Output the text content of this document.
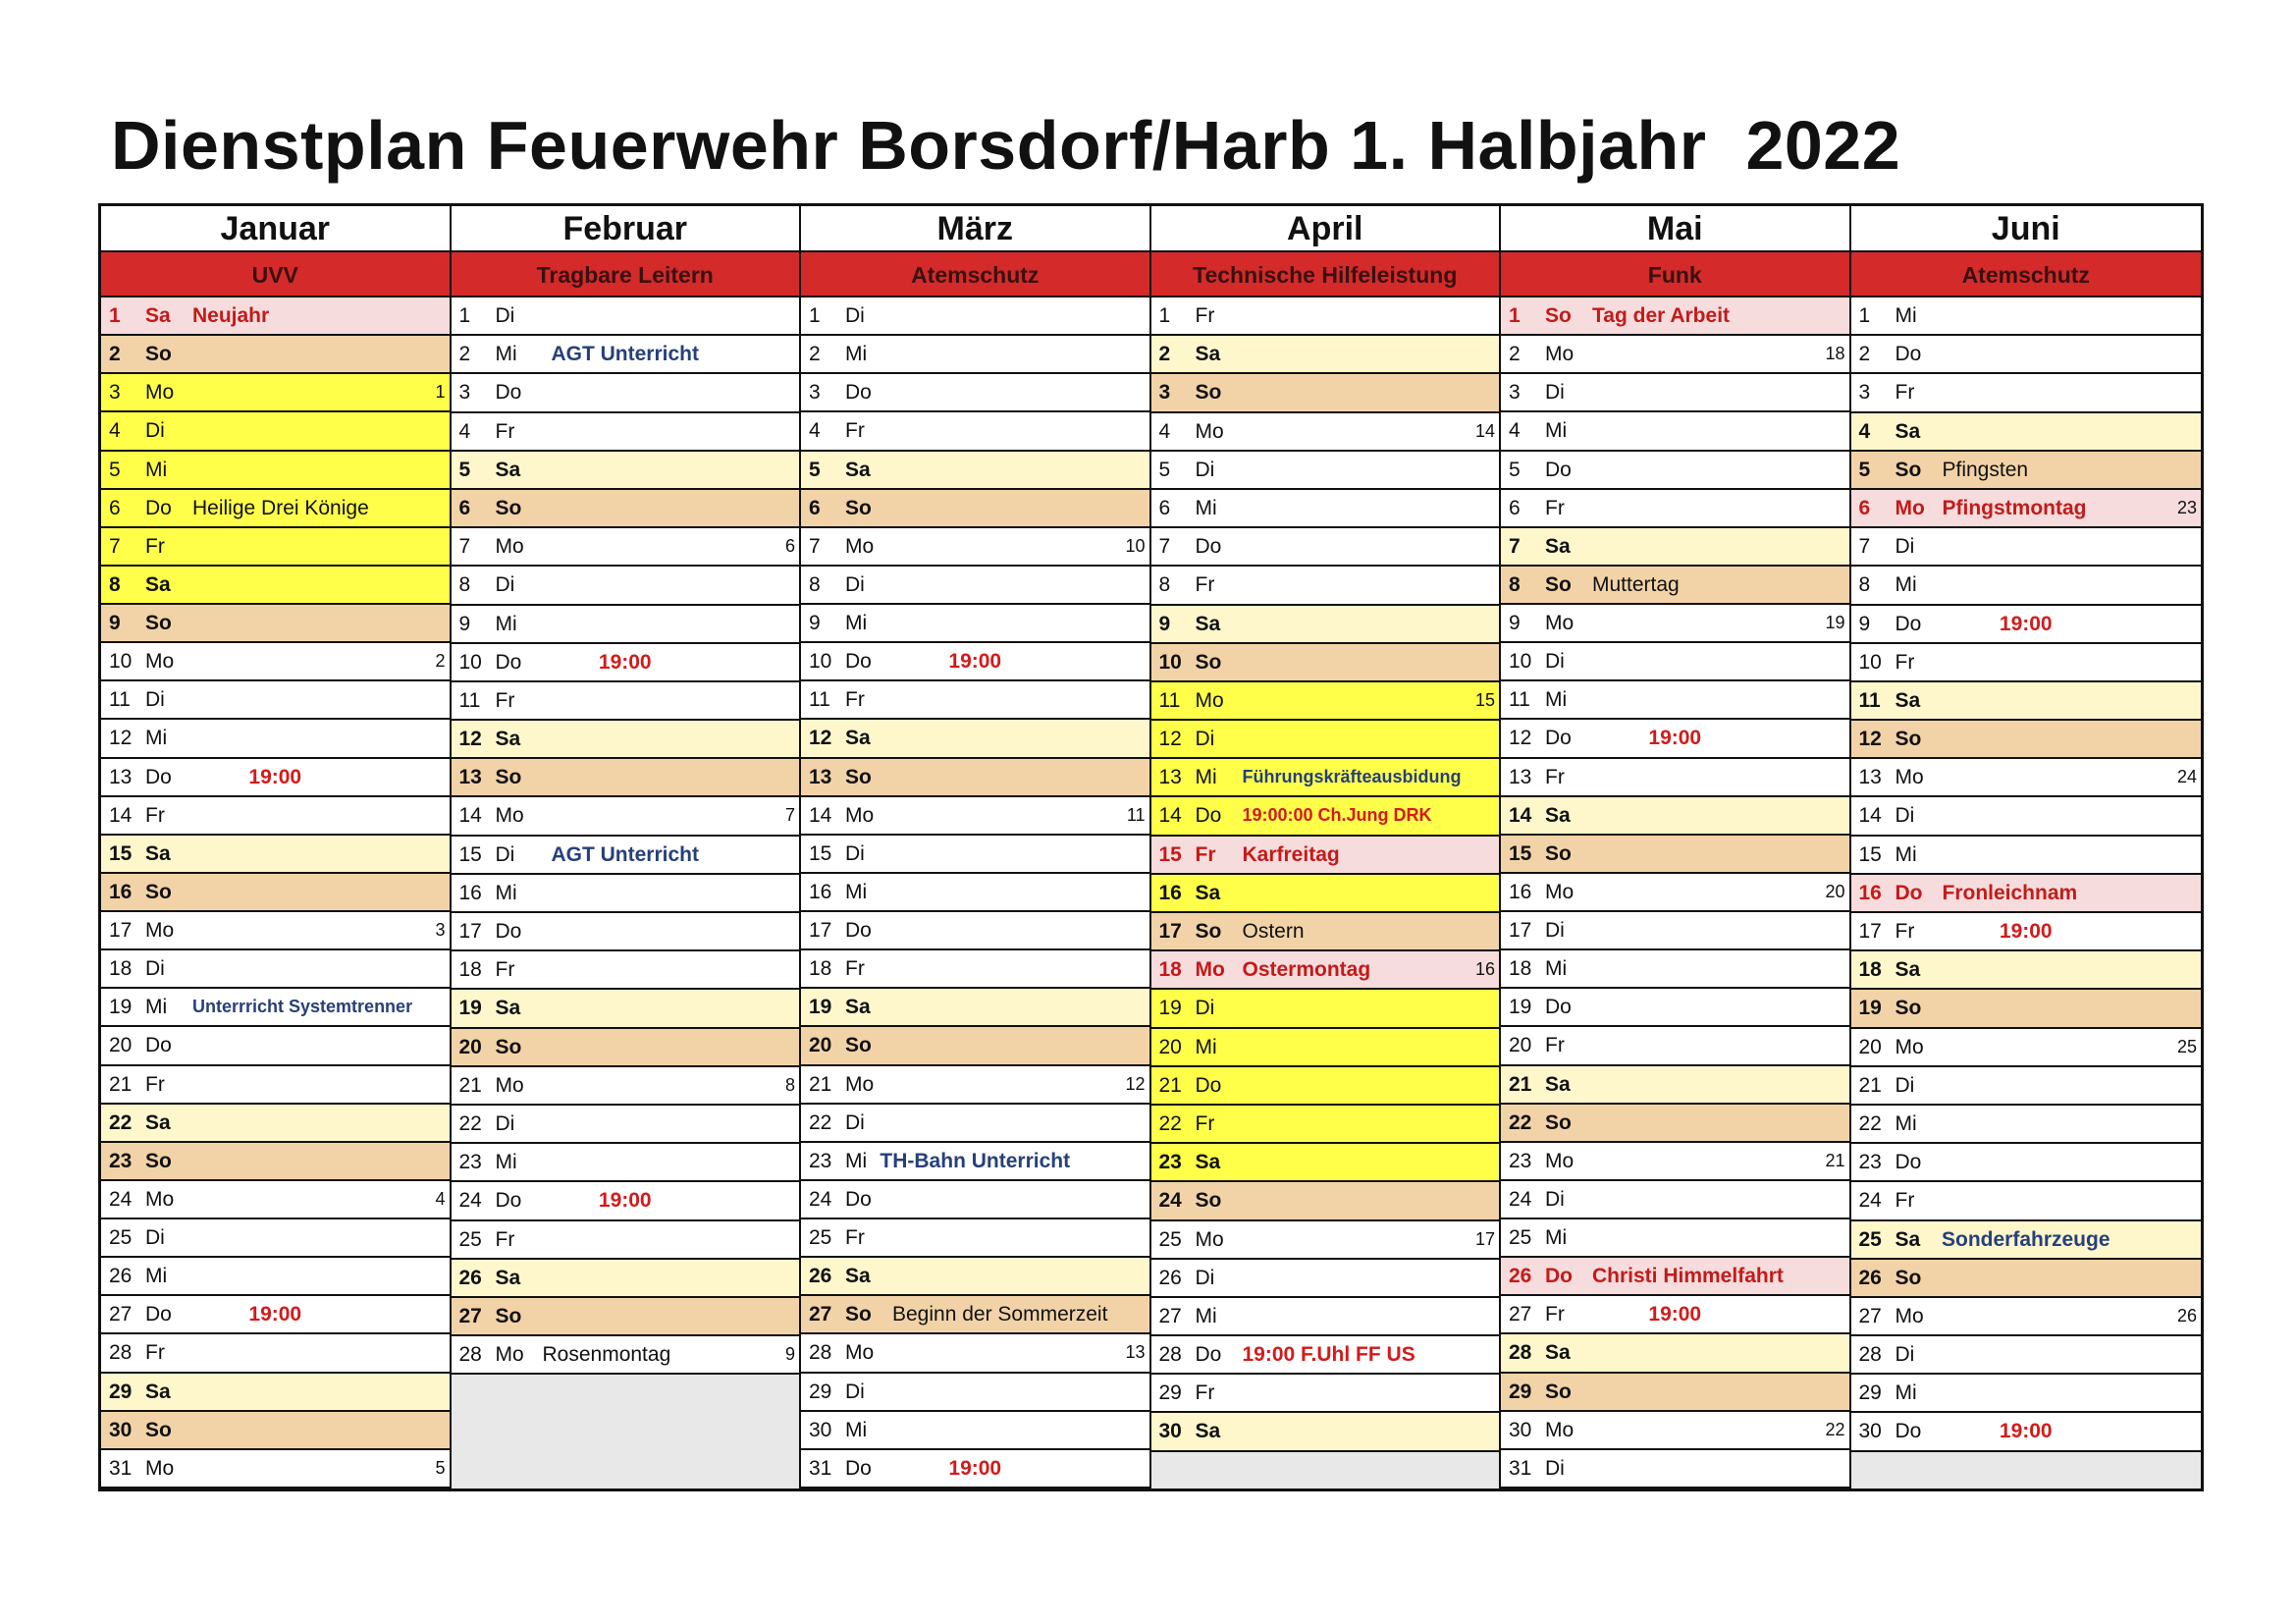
Dienstplan Feuerwehr Borsdorf/Harb 1. Halbjahr  2022
Januar
UVV
1 Sa Neujahr
2 So
3 Mo	1
4 Di
5 Mi
6 Do Heilige Drei Könige
7 Fr
8 Sa
9 So
10 Mo	2
11 Di
12 Mi
13 Do	19:00
14 Fr
15 Sa
16 So
17 Mo	3
18 Di
19 Mi Unterrricht Systemtrenner
20 Do
21 Fr
22 Sa
23 So
24 Mo	4
25 Di
26 Mi
27 Do	19:00
28 Fr
29 Sa
30 So
31 Mo	5
Februar
Tragbare Leitern
1 Di
2 Mi	AGT Unterricht
3 Do
4 Fr
5 Sa
6 So
7 Mo	6
8 Di
9 Mi
10 Do	19:00
11 Fr
12 Sa
13 So
14 Mo	7
15 Di	AGT Unterricht
16 Mi
17 Do
18 Fr
19 Sa
20 So
21 Mo	8
22 Di
23 Mi
24 Do	19:00
25 Fr
26 Sa
27 So
28 Mo Rosenmontag	9
März
Atemschutz
1 Di
2 Mi
3 Do
4 Fr
5 Sa
6 So
7 Mo	10
8 Di
9 Mi
10 Do	19:00
11 Fr
12 Sa
13 So
14 Mo	11
15 Di
16 Mi
17 Do
18 Fr
19 Sa
20 So
21 Mo	12
22 Di
23 Mi TH-Bahn Unterricht
24 Do
25 Fr
26 Sa
27 So Beginn der Sommerzeit
28 Mo	13
29 Di
30 Mi
31 Do	19:00
April
Technische Hilfeleistung
1 Fr
2 Sa
3 So
4 Mo	14
5 Di
6 Mi
7 Do
8 Fr
9 Sa
10 So
11 Mo	15
12 Di
13 Mi Führungskräfteausbidung
14 Do 19:00:00 Ch.Jung DRK
15 Fr Karfreitag
16 Sa
17 So Ostern
18 Mo Ostermontag	16
19 Di
20 Mi
21 Do
22 Fr
23 Sa
24 So
25 Mo	17
26 Di
27 Mi
28 Do 19:00 F.Uhl FF US
29 Fr
30 Sa
Mai
Funk
1 So Tag der Arbeit
2 Mo	18
3 Di
4 Mi
5 Do
6 Fr
7 Sa
8 So Muttertag
9 Mo	19
10 Di
11 Mi
12 Do	19:00
13 Fr
14 Sa
15 So
16 Mo	20
17 Di
18 Mi
19 Do
20 Fr
21 Sa
22 So
23 Mo	21
24 Di
25 Mi
26 Do Christi Himmelfahrt
27 Fr	19:00
28 Sa
29 So
30 Mo	22
31 Di
Juni
Atemschutz
1 Mi
2 Do
3 Fr
4 Sa
5 So Pfingsten
6 Mo Pfingstmontag	23
7 Di
8 Mi
9 Do	19:00
10 Fr
11 Sa
12 So
13 Mo	24
14 Di
15 Mi
16 Do Fronleichnam
17 Fr	19:00
18 Sa
19 So
20 Mo	25
21 Di
22 Mi
23 Do
24 Fr
25 Sa	Sonderfahrzeuge
26 So
27 Mo	26
28 Di
29 Mi
30 Do	19:00
